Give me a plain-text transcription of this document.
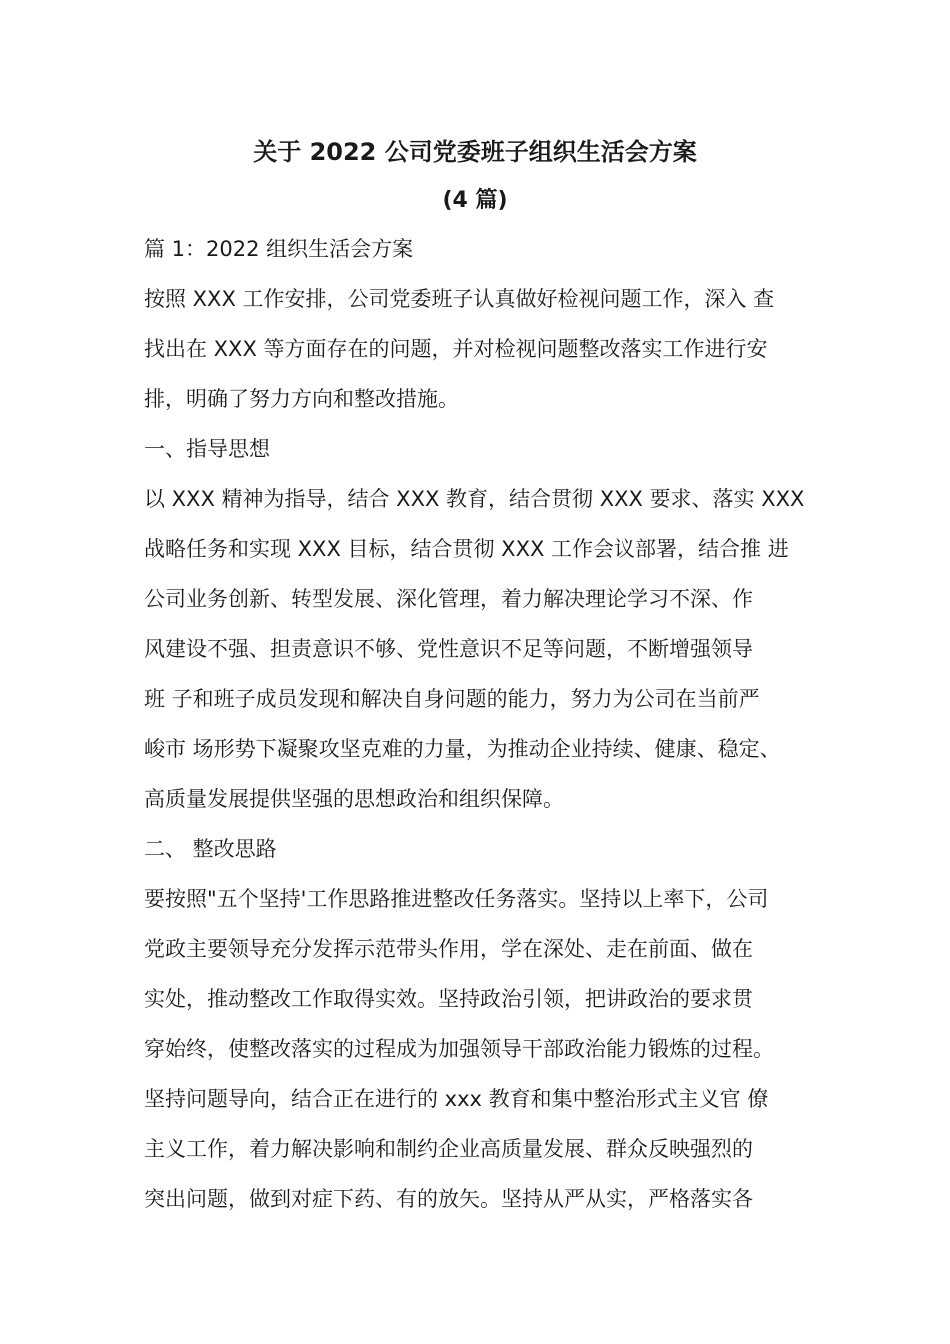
关于 2022 公司党委班子组织生活会方案
(4 篇)
篇 1：2022 组织生活会方案
按照 XXX 工作安排，公司党委班子认真做好检视问题工作，深入 查
找出在 XXX 等方面存在的问题，并对检视问题整改落实工作进行安
排，明确了努力方向和整改措施。
一、指导思想
以 XXX 精神为指导，结合 XXX 教育，结合贯彻 XXX 要求、落实 XXX
战略任务和实现 XXX 目标，结合贯彻 XXX 工作会议部署，结合推 进
公司业务创新、转型发展、深化管理，着力解决理论学习不深、作
风建设不强、担责意识不够、党性意识不足等问题，不断增强领导
班 子和班子成员发现和解决自身问题的能力，努力为公司在当前严
峻市 场形势下凝聚攻坚克难的力量，为推动企业持续、健康、稳定、
高质量发展提供坚强的思想政治和组织保障。
二、 整改思路
要按照"五个坚持'工作思路推进整改任务落实。坚持以上率下，公司
党政主要领导充分发挥示范带头作用，学在深处、走在前面、做在
实处，推动整改工作取得实效。坚持政治引领，把讲政治的要求贯
穿始终，使整改落实的过程成为加强领导干部政治能力锻炼的过程。
坚持问题导向，结合正在进行的 xxx 教育和集中整治形式主义官 僚
主义工作，着力解决影响和制约企业高质量发展、群众反映强烈的
突出问题，做到对症下药、有的放矢。坚持从严从实，严格落实各
